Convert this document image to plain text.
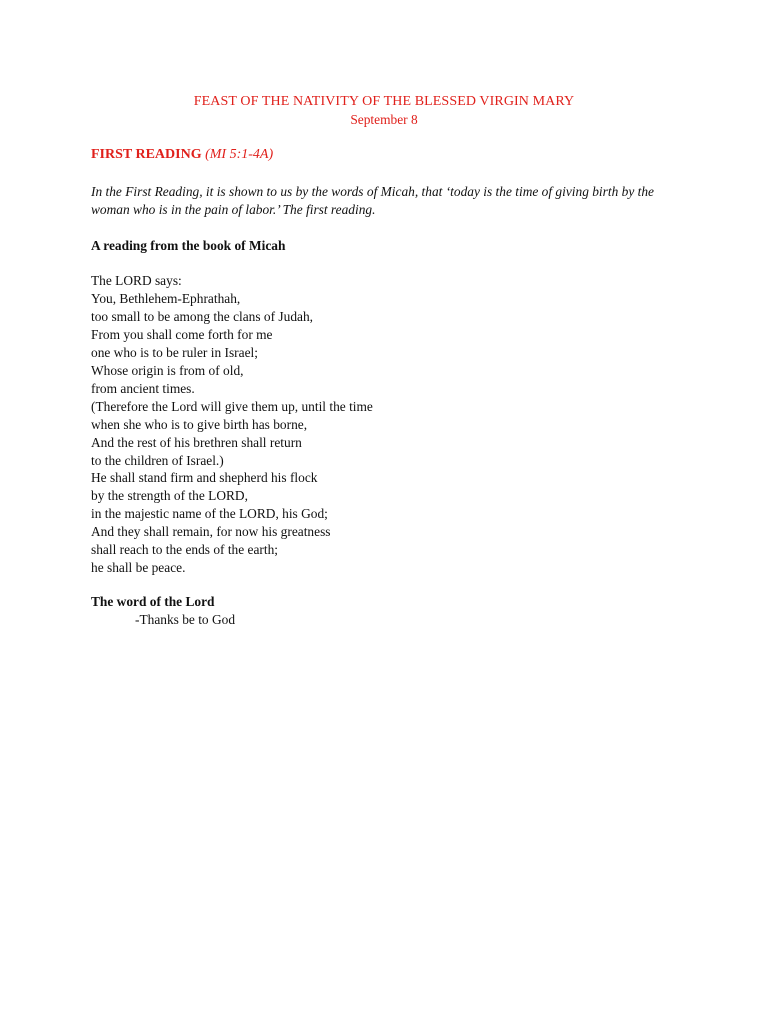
FEAST OF THE NATIVITY OF THE BLESSED VIRGIN MARY
September 8
FIRST READING (MI 5:1-4A)
In the First Reading, it is shown to us by the words of Micah, that ‘today is the time of giving birth by the woman who is in the pain of labor.’ The first reading.
A reading from the book of Micah
The LORD says:
You, Bethlehem-Ephrathah,
too small to be among the clans of Judah,
From you shall come forth for me
one who is to be ruler in Israel;
Whose origin is from of old,
from ancient times.
(Therefore the Lord will give them up, until the time
when she who is to give birth has borne,
And the rest of his brethren shall return
to the children of Israel.)
He shall stand firm and shepherd his flock
by the strength of the LORD,
in the majestic name of the LORD, his God;
And they shall remain, for now his greatness
shall reach to the ends of the earth;
he shall be peace.
The word of the Lord
-Thanks be to God
